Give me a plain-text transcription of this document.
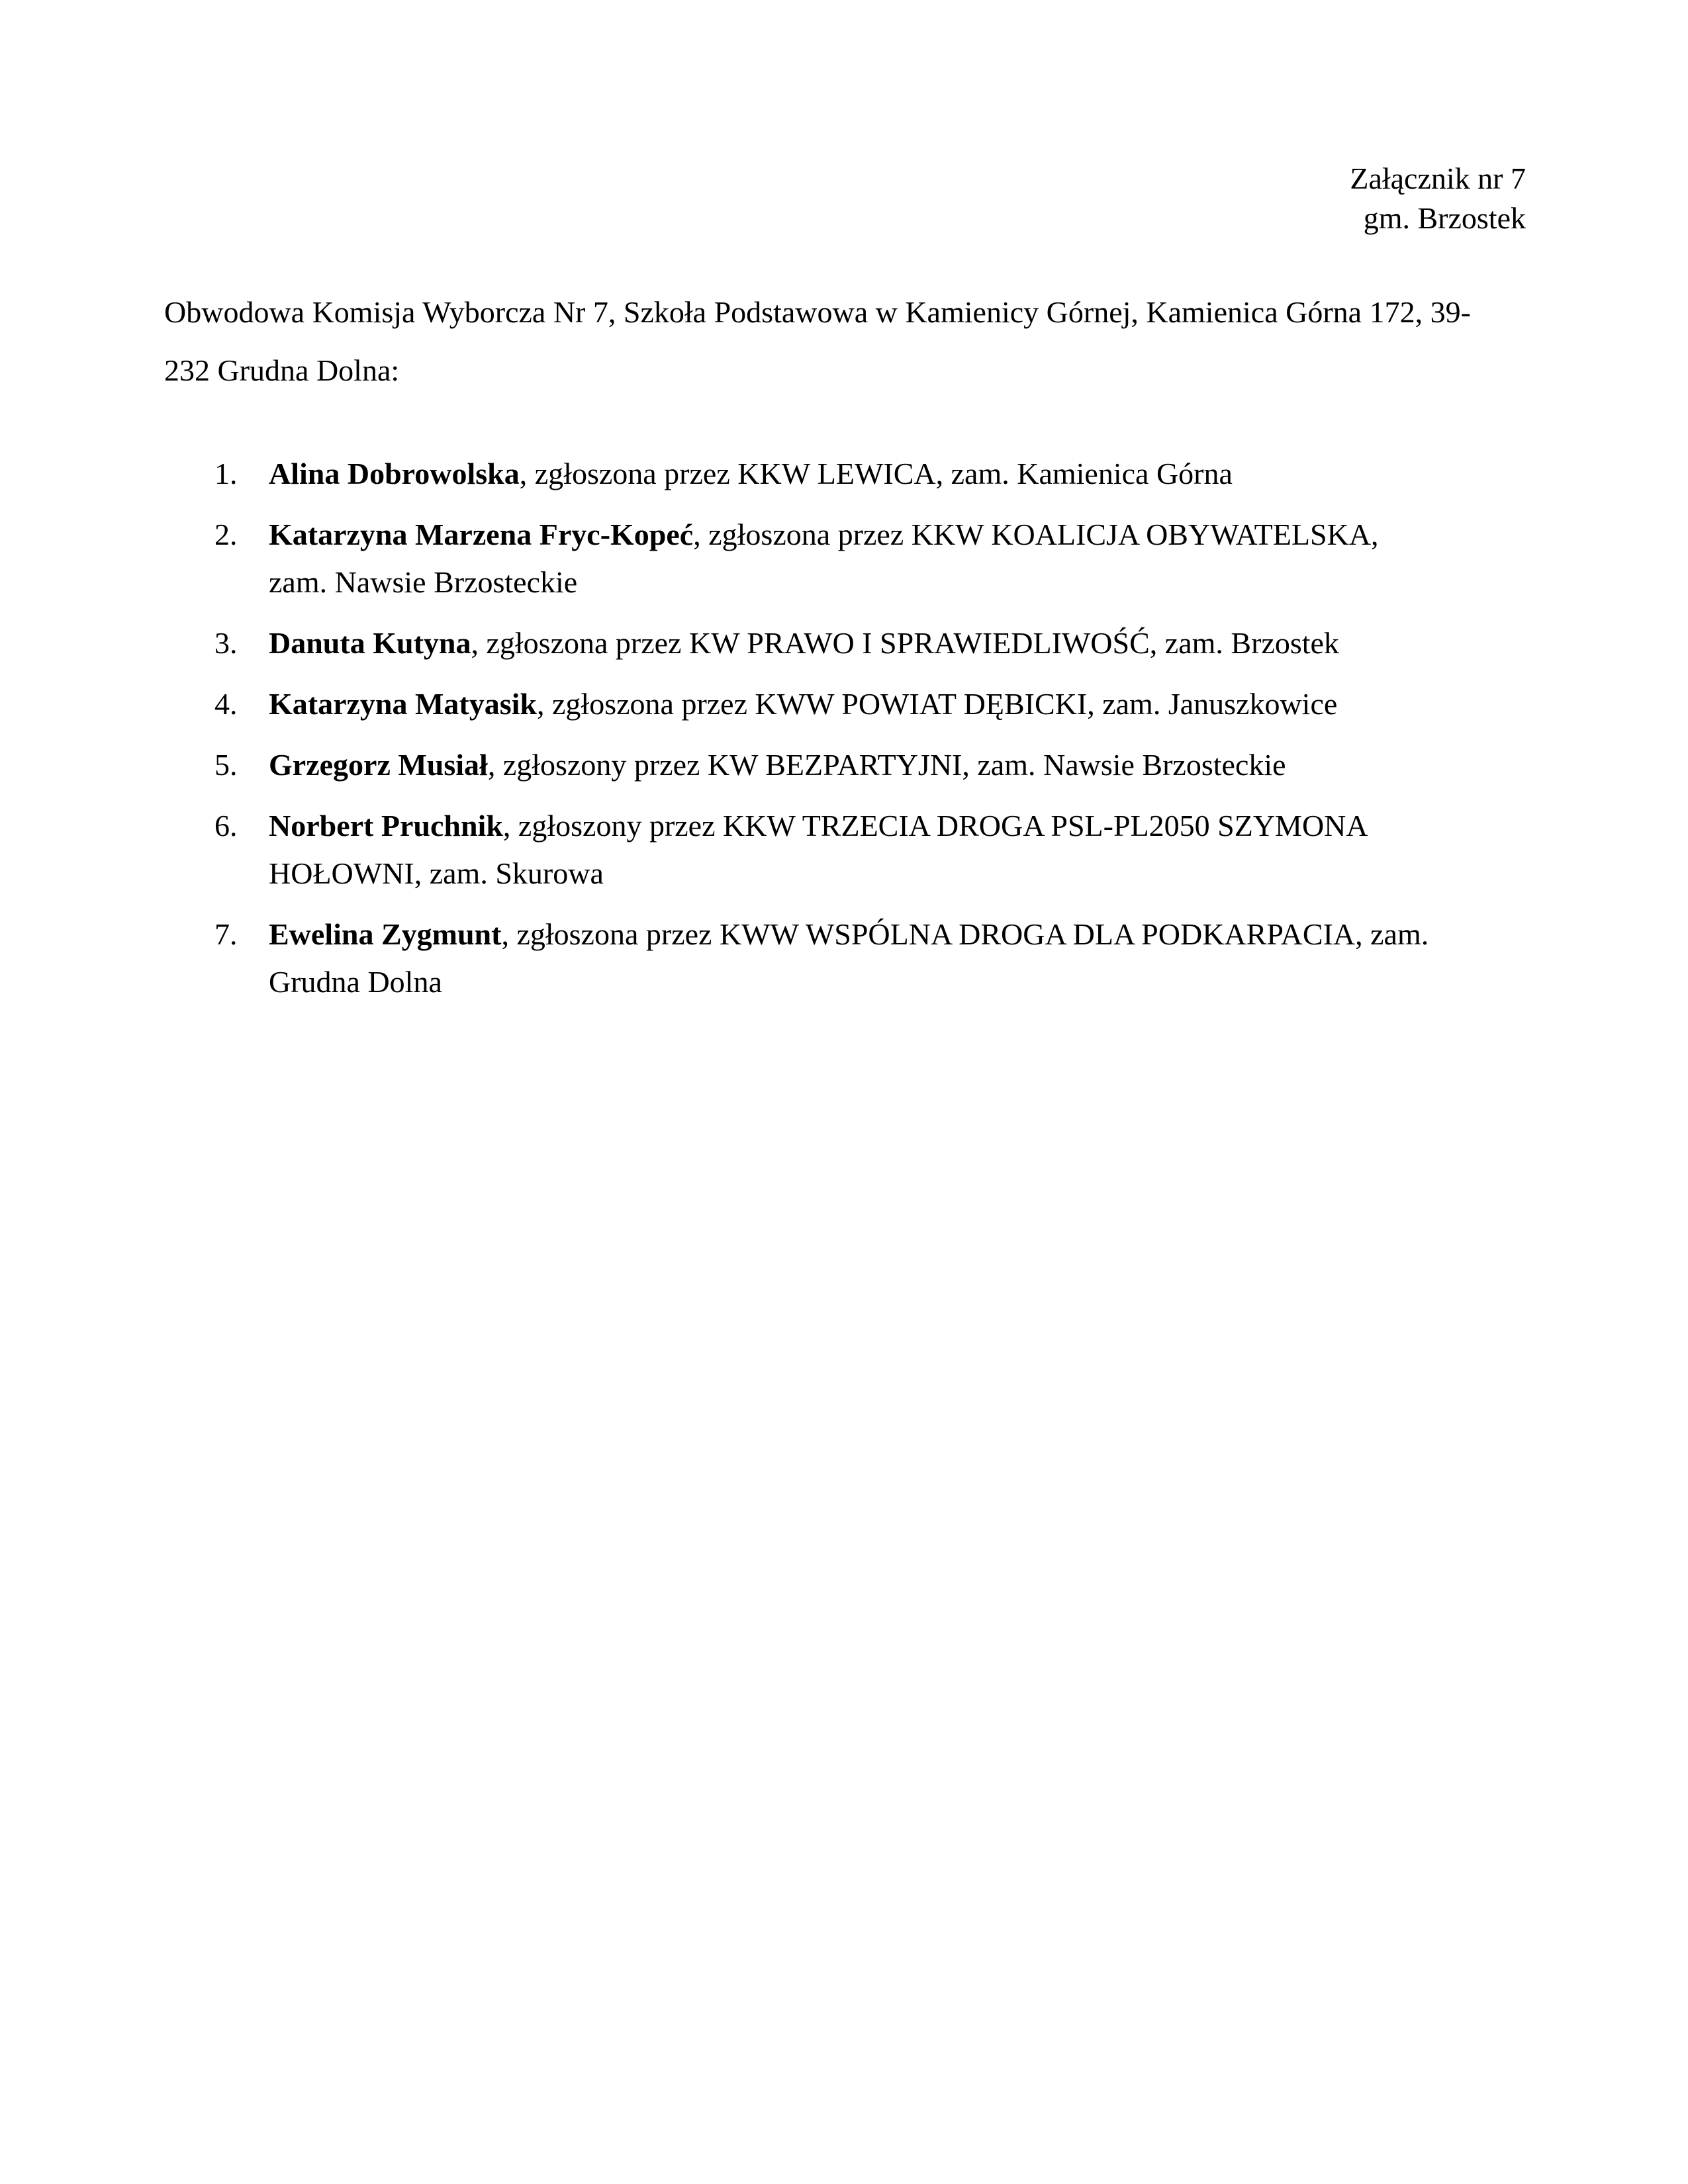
Załącznik nr 7
gm. Brzostek
Obwodowa Komisja Wyborcza Nr 7, Szkoła Podstawowa w Kamienicy Górnej, Kamienica Górna 172, 39-232 Grudna Dolna:
1. Alina Dobrowolska, zgłoszona przez KKW LEWICA, zam. Kamienica Górna
2. Katarzyna Marzena Fryc-Kopeć, zgłoszona przez KKW KOALICJA OBYWATELSKA, zam. Nawsie Brzosteckie
3. Danuta Kutyna, zgłoszona przez KW PRAWO I SPRAWIEDLIWOŚĆ, zam. Brzostek
4. Katarzyna Matyasik, zgłoszona przez KWW POWIAT DĘBICKI, zam. Januszkowice
5. Grzegorz Musiał, zgłoszony przez KW BEZPARTYJNI, zam. Nawsie Brzosteckie
6. Norbert Pruchnik, zgłoszony przez KKW TRZECIA DROGA PSL-PL2050 SZYMONA HOŁOWNI, zam. Skurowa
7. Ewelina Zygmunt, zgłoszona przez KWW WSPÓLNA DROGA DLA PODKARPACIA, zam. Grudna Dolna
